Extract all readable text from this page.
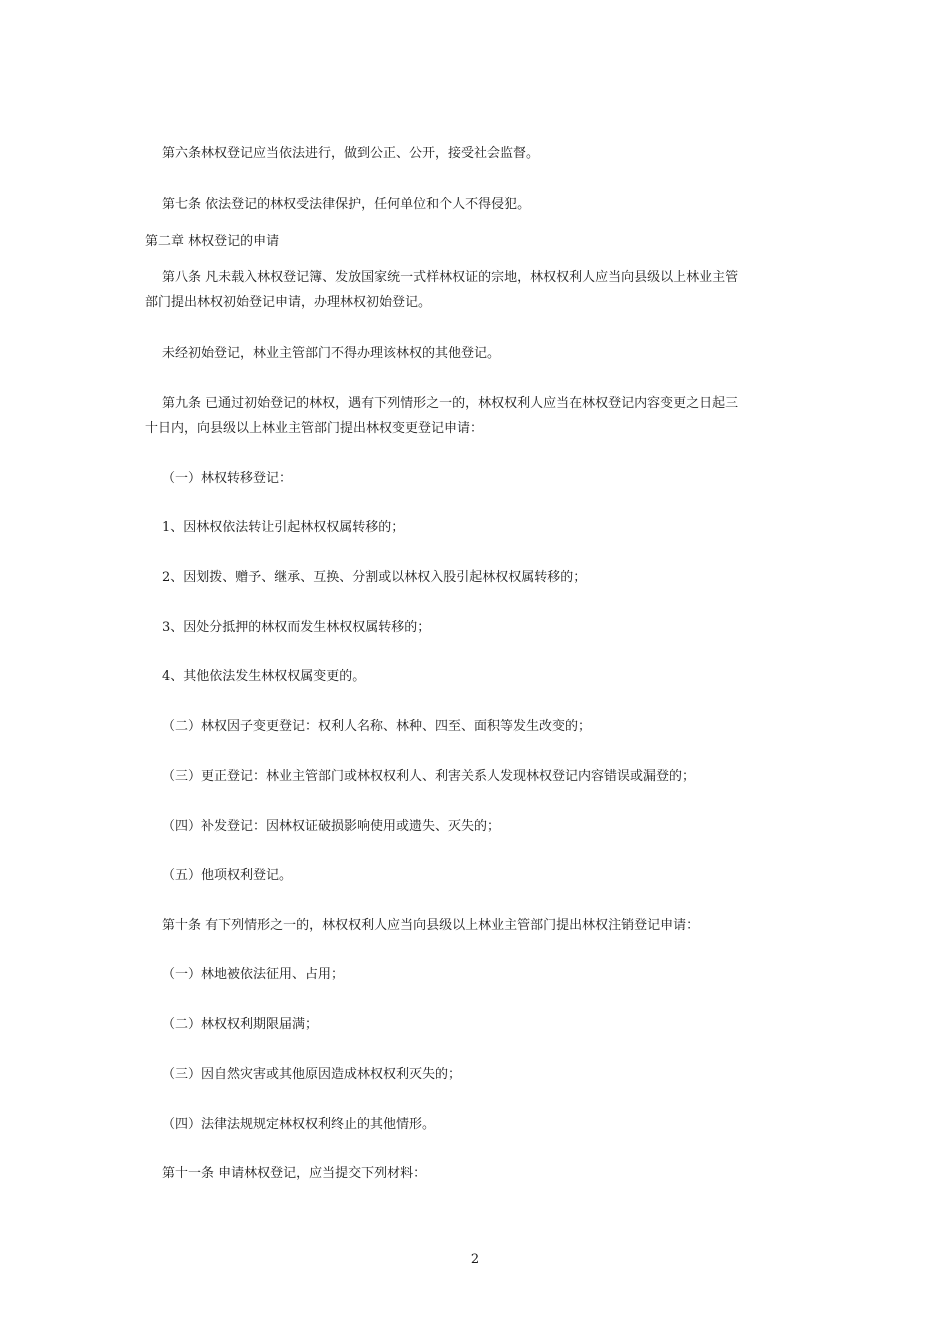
第六条林权登记应当依法进行，做到公正、公开，接受社会监督。
第七条 依法登记的林权受法律保护，任何单位和个人不得侵犯。
第二章 林权登记的申请
第八条 凡未载入林权登记簿、发放国家统一式样林权证的宗地，林权权利人应当向县级以上林业主管
部门提出林权初始登记申请，办理林权初始登记。
未经初始登记，林业主管部门不得办理该林权的其他登记。
第九条 已通过初始登记的林权，遇有下列情形之一的，林权权利人应当在林权登记内容变更之日起三
十日内，向县级以上林业主管部门提出林权变更登记申请：
（一）林权转移登记：
1、因林权依法转让引起林权权属转移的；
2、因划拨、赠予、继承、互换、分割或以林权入股引起林权权属转移的；
3、因处分抵押的林权而发生林权权属转移的；
4、其他依法发生林权权属变更的。
（二）林权因子变更登记：权利人名称、林种、四至、面积等发生改变的；
（三）更正登记：林业主管部门或林权权利人、利害关系人发现林权登记内容错误或漏登的；
（四）补发登记：因林权证破损影响使用或遗失、灭失的；
（五）他项权利登记。
第十条 有下列情形之一的，林权权利人应当向县级以上林业主管部门提出林权注销登记申请：
（一）林地被依法征用、占用；
（二）林权权利期限届满；
（三）因自然灾害或其他原因造成林权权利灭失的；
（四）法律法规规定林权权利终止的其他情形。
第十一条 申请林权登记，应当提交下列材料：
2
